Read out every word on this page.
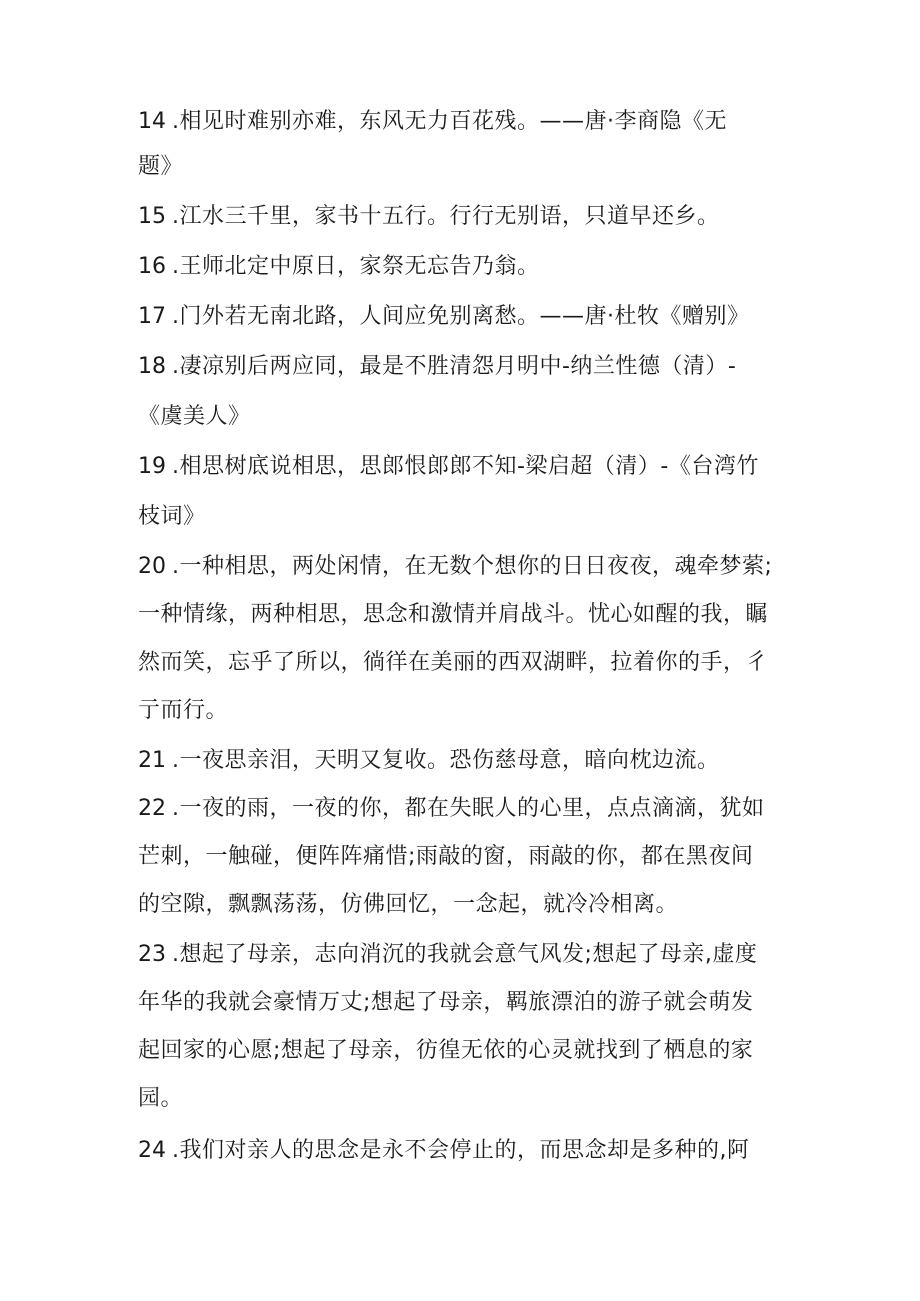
14 .相见时难别亦难，东风无力百花残。——唐·李商隐《无
题》
15 .江水三千里，家书十五行。行行无别语，只道早还乡。
16 .王师北定中原日，家祭无忘告乃翁。
17 .门外若无南北路，人间应免别离愁。——唐·杜牧《赠别》
18 .凄凉别后两应同，最是不胜清怨月明中-纳兰性德（清）-
《虞美人》
19 .相思树底说相思，思郎恨郎郎不知-梁启超（清）-《台湾竹
枝词》
20 .一种相思，两处闲情，在无数个想你的日日夜夜，魂牵梦萦;
一种情缘，两种相思，思念和激情并肩战斗。忧心如醒的我，瞩
然而笑，忘乎了所以，徜徉在美丽的西双湖畔，拉着你的手，彳
亍而行。
21 .一夜思亲泪，天明又复收。恐伤慈母意，暗向枕边流。
22 .一夜的雨，一夜的你，都在失眠人的心里，点点滴滴，犹如
芒刺，一触碰，便阵阵痛惜;雨敲的窗，雨敲的你，都在黑夜间
的空隙，飘飘荡荡，仿佛回忆，一念起，就冷冷相离。
23 .想起了母亲，志向消沉的我就会意气风发;想起了母亲,虚度
年华的我就会豪情万丈;想起了母亲，羁旅漂泊的游子就会萌发
起回家的心愿;想起了母亲，彷徨无依的心灵就找到了栖息的家
园。
24 .我们对亲人的思念是永不会停止的，而思念却是多种的,阿
